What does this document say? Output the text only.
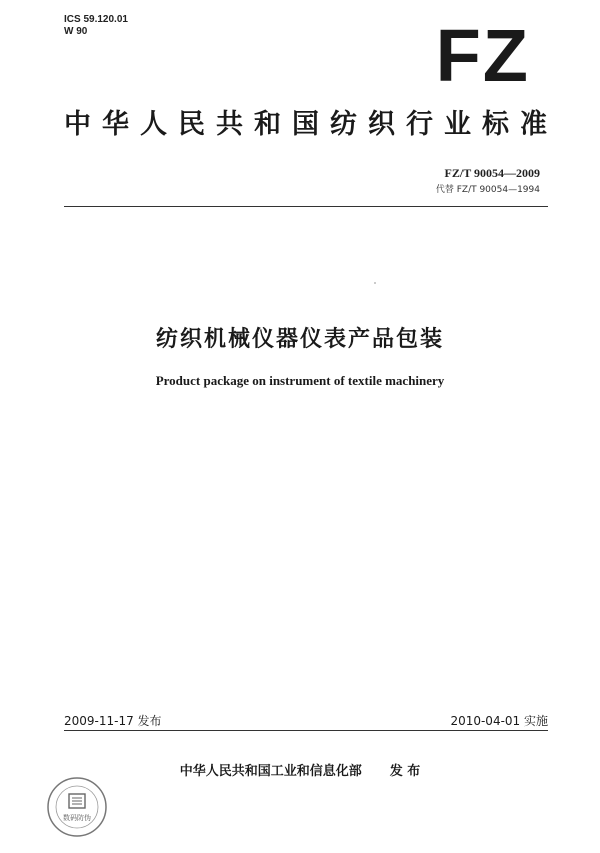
ICS 59.120.01
W 90	FZ
中华人民共和国纺织行业标准
FZ/T 90054—2009
代替 FZ/T 90054—1994
纺织机械仪器仪表产品包装
Product package on instrument of textile machinery
2009-11-17 发布	2010-04-01 实施
中华人民共和国工业和信息化部 发 布
数码防伪
